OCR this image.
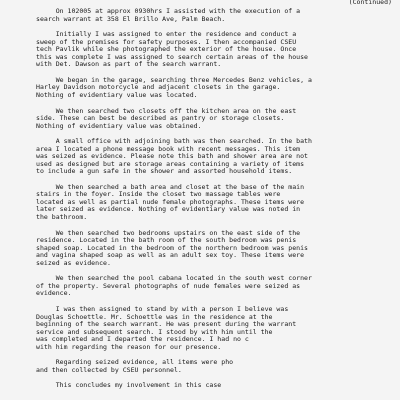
(Continued)
On 102005 at approx 0930hrs I assisted with the execution of a
search warrant at 358 El Brillo Ave, Palm Beach.
Initially I was assigned to enter the residence and conduct a
sweep of the premises for safety purposes. I then accompanied CSEU
tech Pavlik while she photographed the exterior of the house. Once
this was complete I was assigned to search certain areas of the house
with Det. Dawson as part of the search warrant.
We began in the garage, searching three Mercedes Benz vehicles, a
Harley Davidson motorcycle and adjacent closets in the garage.
Nothing of evidentiary value was located.
We then searched two closets off the kitchen area on the east
side. These can best be described as pantry or storage closets.
Nothing of evidentiary value was obtained.
A small office with adjoining bath was then searched. In the bath
area I located a phone message book with recent messages. This item
was seized as evidence. Please note this bath and shower area are not
used as designed but are storage areas containing a variety of items
to include a gun safe in the shower and assorted household items.
We then searched a bath area and closet at the base of the main
stairs in the foyer. Inside the closet two massage tables were
located as well as partial nude female photographs. These items were
later seized as evidence. Nothing of evidentiary value was noted in
the bathroom.
We then searched two bedrooms upstairs on the east side of the
residence. Located in the bath room of the south bedroom was penis
shaped soap. Located in the bedroom of the northern bedroom was penis
and vagina shaped soap as well as an adult sex toy. These items were
seized as evidence.
We then searched the pool cabana located in the south west corner
of the property. Several photographs of nude females were seized as
evidence.
I was then assigned to stand by with a person I believe was
Douglas Schoettle. Mr. Schoettle was in the residence at the
beginning of the search warrant. He was present during the warrant
service and subsequent search. I stood by with him until the
was completed and I departed the residence. I had no c
with him regarding the reason for our presence.
Regarding seized evidence, all items were pho
and then collected by CSEU personnel.
This concludes my involvement in this case
